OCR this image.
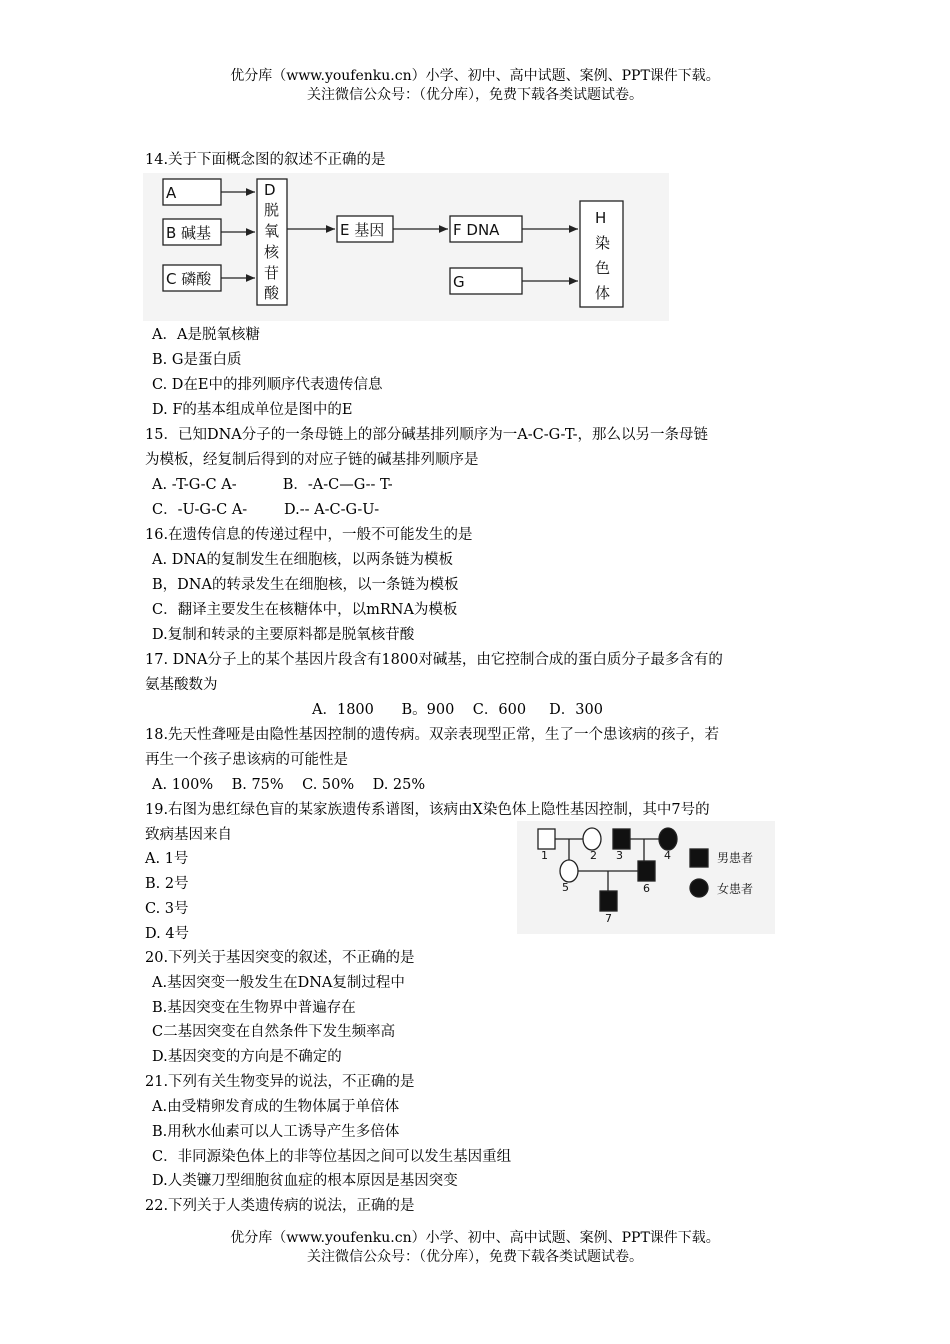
优分库（www.youfenku.cn）小学、初中、高中试题、案例、PPT课件下载。
关注微信公众号：（优分库），免费下载各类试题试卷。
14.关于下面概念图的叙述不正确的是
A
B 碱基
C 磷酸
D
脱
氧
核
苷
酸
E 基因	F DNA
G
H
染
色
体
A．A是脱氧核糖
B. G是蛋白质
C. D在E中的排列顺序代表遗传信息
D. F的基本组成单位是图中的E
15．已知DNA分子的一条母链上的部分碱基排列顺序为一A-C-G-T-，那么以另一条母链
为模板，经复制后得到的对应子链的碱基排列顺序是
A. -T-G-C A-          B．-A-C—G-- T-
C．-U-G-C A-        D.-- A-C-G-U-
16.在遗传信息的传递过程中，一般不可能发生的是
A. DNA的复制发生在细胞核，以两条链为模板
B，DNA的转录发生在细胞核，以一条链为模板
C．翻译主要发生在核糖体中，以mRNA为模板
D.复制和转录的主要原料都是脱氧核苷酸
17. DNA分子上的某个基因片段含有1800对碱基，由它控制合成的蛋白质分子最多含有的
氨基酸数为
A．1800      B。900    C．600     D．300
18.先天性聋哑是由隐性基因控制的遗传病。双亲表现型正常，生了一个患该病的孩子，若
再生一个孩子患该病的可能性是
A. 100%    B. 75%    C. 50%    D. 25%
19.右图为患红绿色盲的某家族遗传系谱图，该病由X染色体上隐性基因控制，其中7号的
致病基因来自
A. 1号
B. 2号
C. 3号
D. 4号
1	2 3	4
5	6
7
男患者
女患者
20.下列关于基因突变的叙述，不正确的是
A.基因突变一般发生在DNA复制过程中
B.基因突变在生物界中普遍存在
C二基因突变在自然条件下发生频率高
D.基因突变的方向是不确定的
21.下列有关生物变异的说法，不正确的是
A.由受精卵发育成的生物体属于单倍体
B.用秋水仙素可以人工诱导产生多倍体
C．非同源染色体上的非等位基因之间可以发生基因重组
D.人类镰刀型细胞贫血症的根本原因是基因突变
22.下列关于人类遗传病的说法，正确的是
优分库（www.youfenku.cn）小学、初中、高中试题、案例、PPT课件下载。
关注微信公众号：（优分库），免费下载各类试题试卷。
